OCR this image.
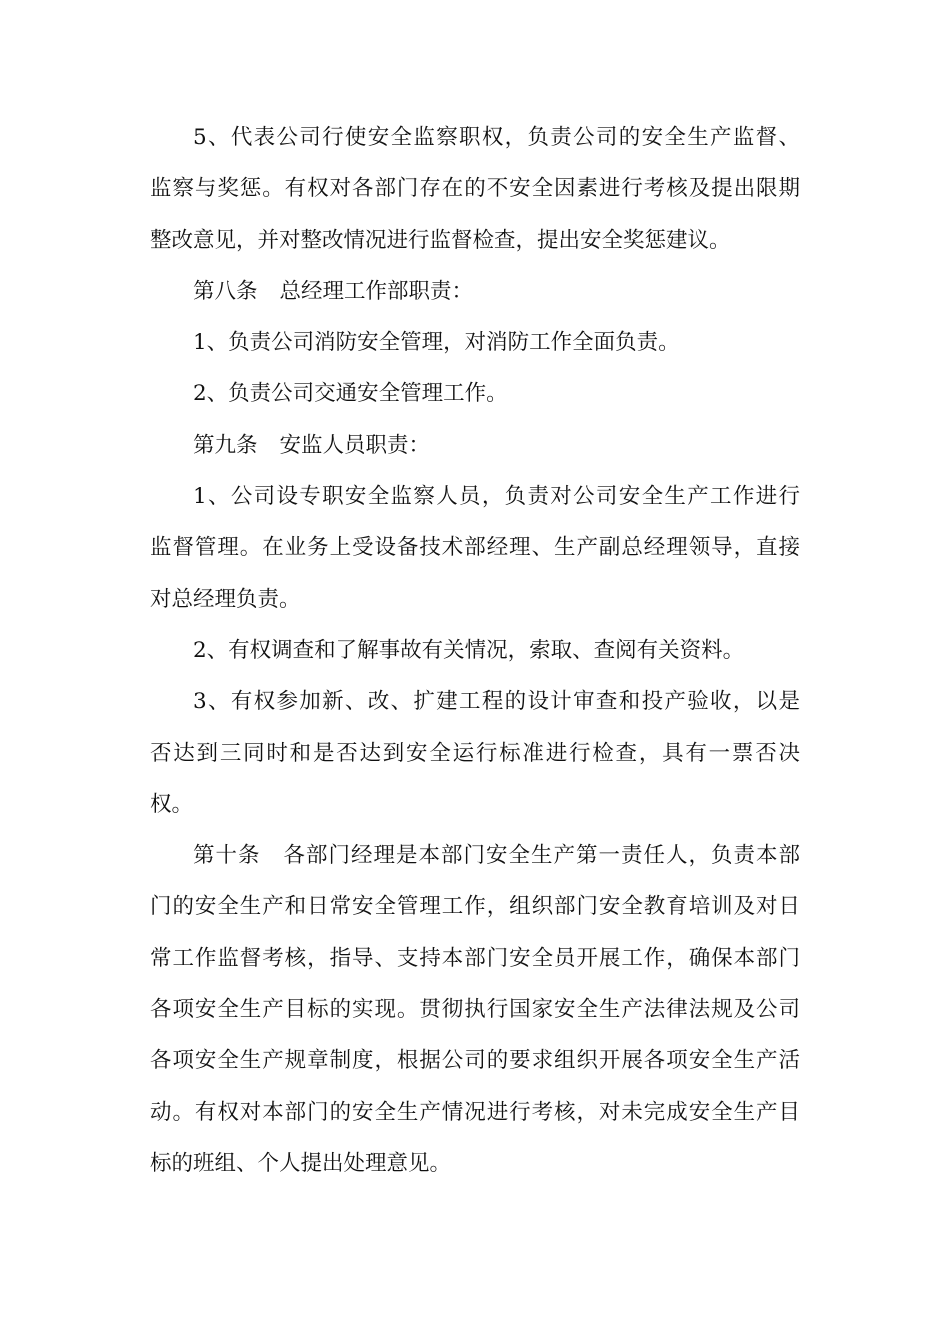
5、代表公司行使安全监察职权，负责公司的安全生产监督、
监察与奖惩。有权对各部门存在的不安全因素进行考核及提出限期
整改意见，并对整改情况进行监督检查，提出安全奖惩建议。
第八条 总经理工作部职责：
1、负责公司消防安全管理，对消防工作全面负责。
2、负责公司交通安全管理工作。
第九条 安监人员职责：
1、公司设专职安全监察人员，负责对公司安全生产工作进行
监督管理。在业务上受设备技术部经理、生产副总经理领导，直接
对总经理负责。
2、有权调查和了解事故有关情况，索取、查阅有关资料。
3、有权参加新、改、扩建工程的设计审查和投产验收，以是
否达到三同时和是否达到安全运行标准进行检查，具有一票否决
权。
第十条 各部门经理是本部门安全生产第一责任人，负责本部
门的安全生产和日常安全管理工作，组织部门安全教育培训及对日
常工作监督考核，指导、支持本部门安全员开展工作，确保本部门
各项安全生产目标的实现。贯彻执行国家安全生产法律法规及公司
各项安全生产规章制度，根据公司的要求组织开展各项安全生产活
动。有权对本部门的安全生产情况进行考核，对未完成安全生产目
标的班组、个人提出处理意见。
